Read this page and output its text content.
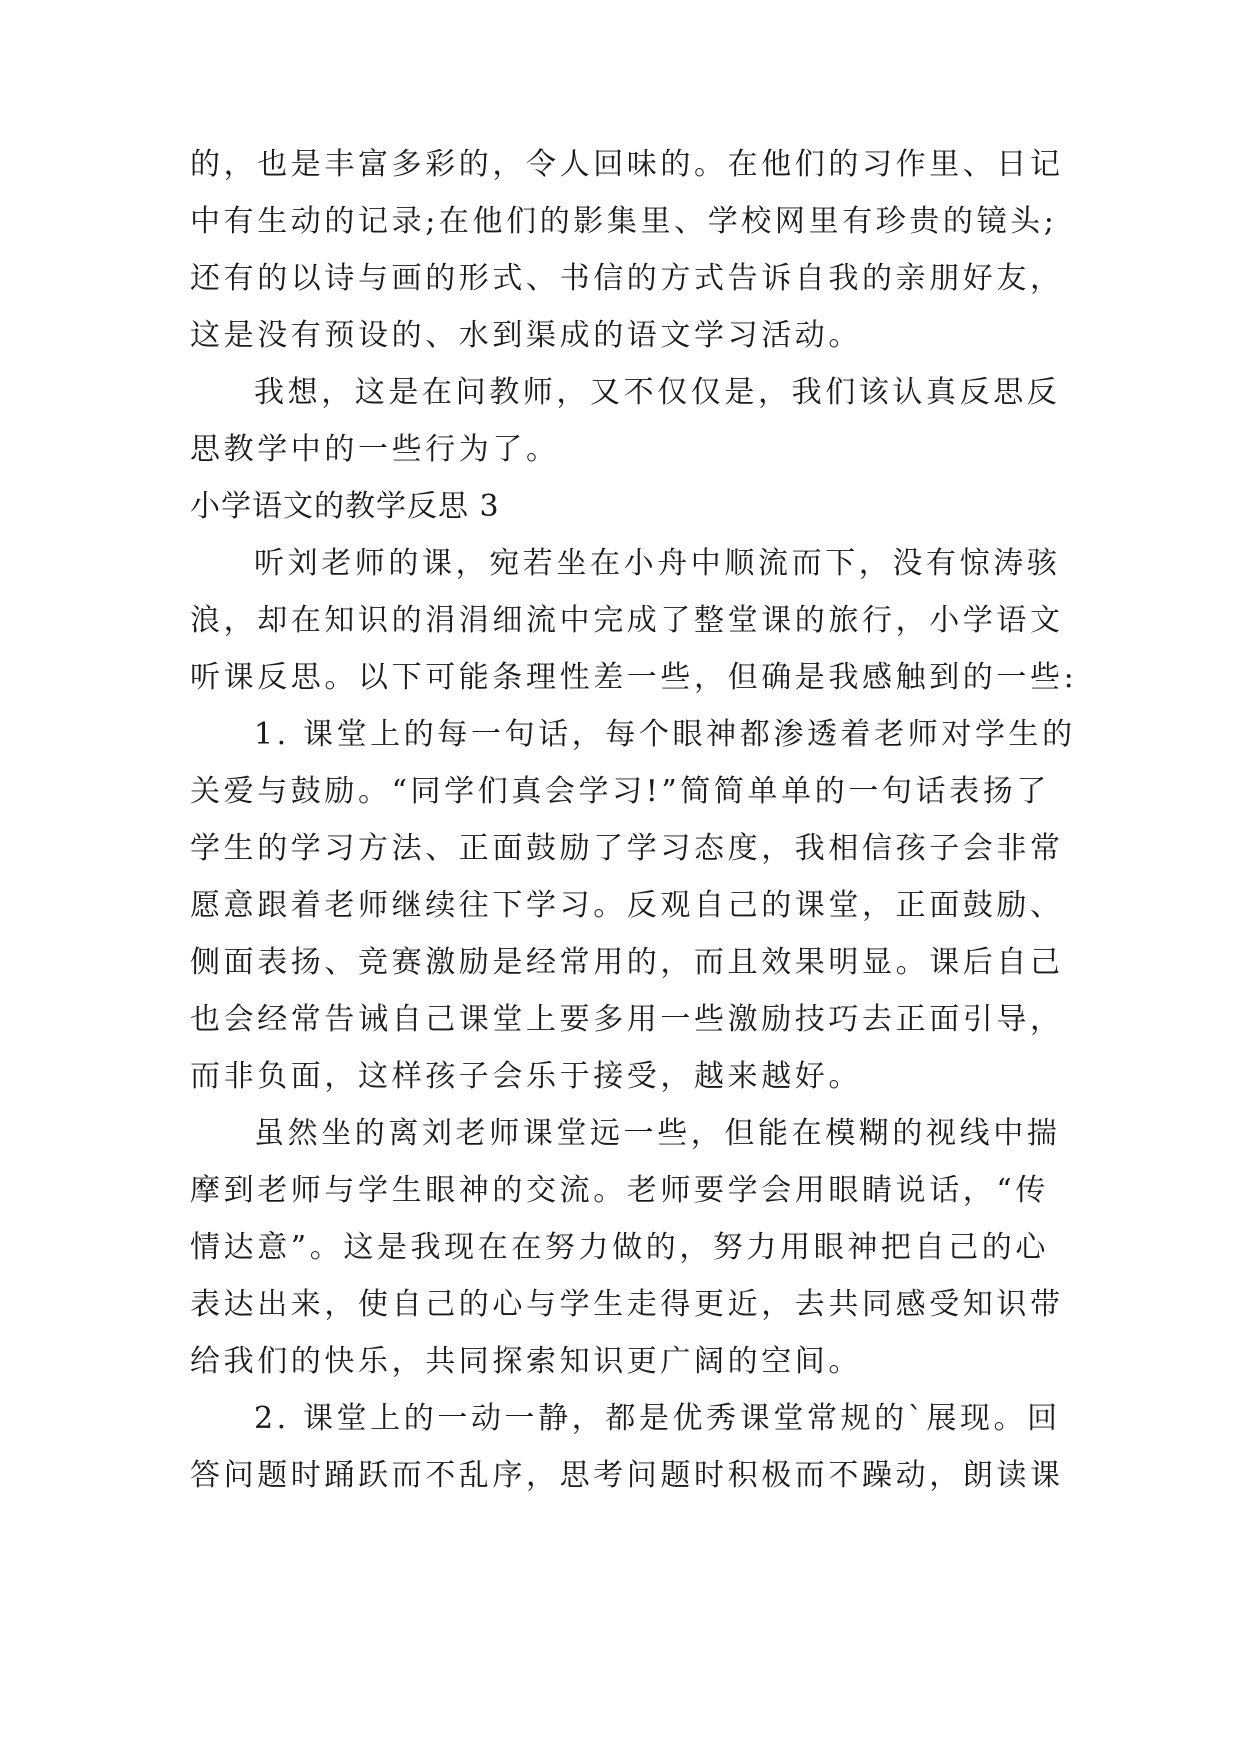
的，也是丰富多彩的，令人回味的。在他们的习作里、日记
中有生动的记录;在他们的影集里、学校网里有珍贵的镜头;
还有的以诗与画的形式、书信的方式告诉自我的亲朋好友，
这是没有预设的、水到渠成的语文学习活动。
我想，这是在问教师，又不仅仅是，我们该认真反思反
思教学中的一些行为了。
小学语文的教学反思 3
听刘老师的课，宛若坐在小舟中顺流而下，没有惊涛骇
浪，却在知识的涓涓细流中完成了整堂课的旅行，小学语文
听课反思。以下可能条理性差一些，但确是我感触到的一些:
1. 课堂上的每一句话，每个眼神都渗透着老师对学生的
关爱与鼓励。“同学们真会学习!”简简单单的一句话表扬了
学生的学习方法、正面鼓励了学习态度，我相信孩子会非常
愿意跟着老师继续往下学习。反观自己的课堂，正面鼓励、
侧面表扬、竞赛激励是经常用的，而且效果明显。课后自己
也会经常告诫自己课堂上要多用一些激励技巧去正面引导，
而非负面，这样孩子会乐于接受，越来越好。
虽然坐的离刘老师课堂远一些，但能在模糊的视线中揣
摩到老师与学生眼神的交流。老师要学会用眼睛说话，“传
情达意”。这是我现在在努力做的，努力用眼神把自己的心
表达出来，使自己的心与学生走得更近，去共同感受知识带
给我们的快乐，共同探索知识更广阔的空间。
2. 课堂上的一动一静，都是优秀课堂常规的`展现。回
答问题时踊跃而不乱序，思考问题时积极而不躁动，朗读课
